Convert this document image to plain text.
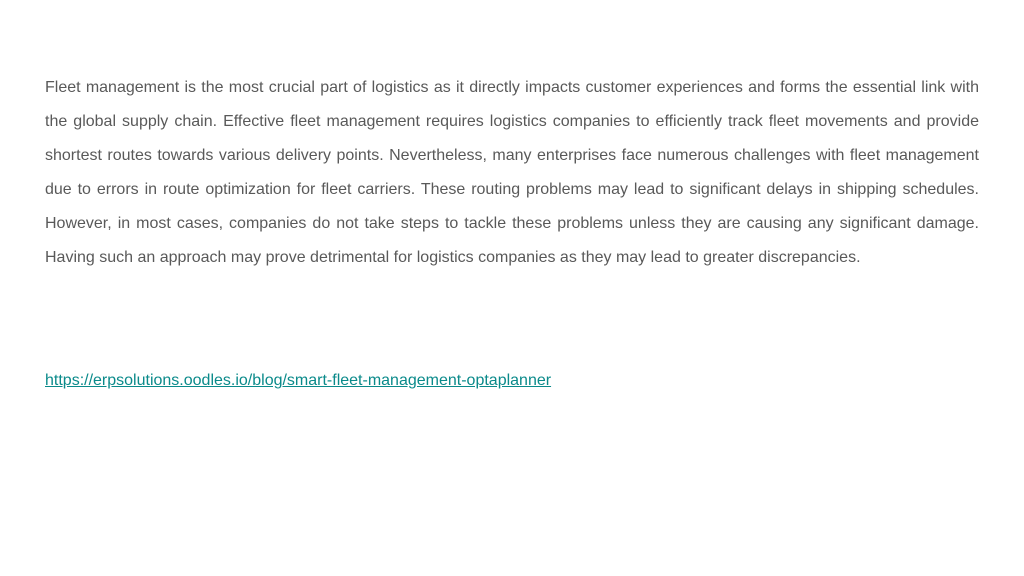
Fleet management is the most crucial part of logistics as it directly impacts customer experiences and forms the essential link with the global supply chain. Effective fleet management requires logistics companies to efficiently track fleet movements and provide shortest routes towards various delivery points. Nevertheless, many enterprises face numerous challenges with fleet management due to errors in route optimization for fleet carriers. These routing problems may lead to significant delays in shipping schedules. However, in most cases, companies do not take steps to tackle these problems unless they are causing any significant damage. Having such an approach may prove detrimental for logistics companies as they may lead to greater discrepancies.

https://erpsolutions.oodles.io/blog/smart-fleet-management-optaplanner
